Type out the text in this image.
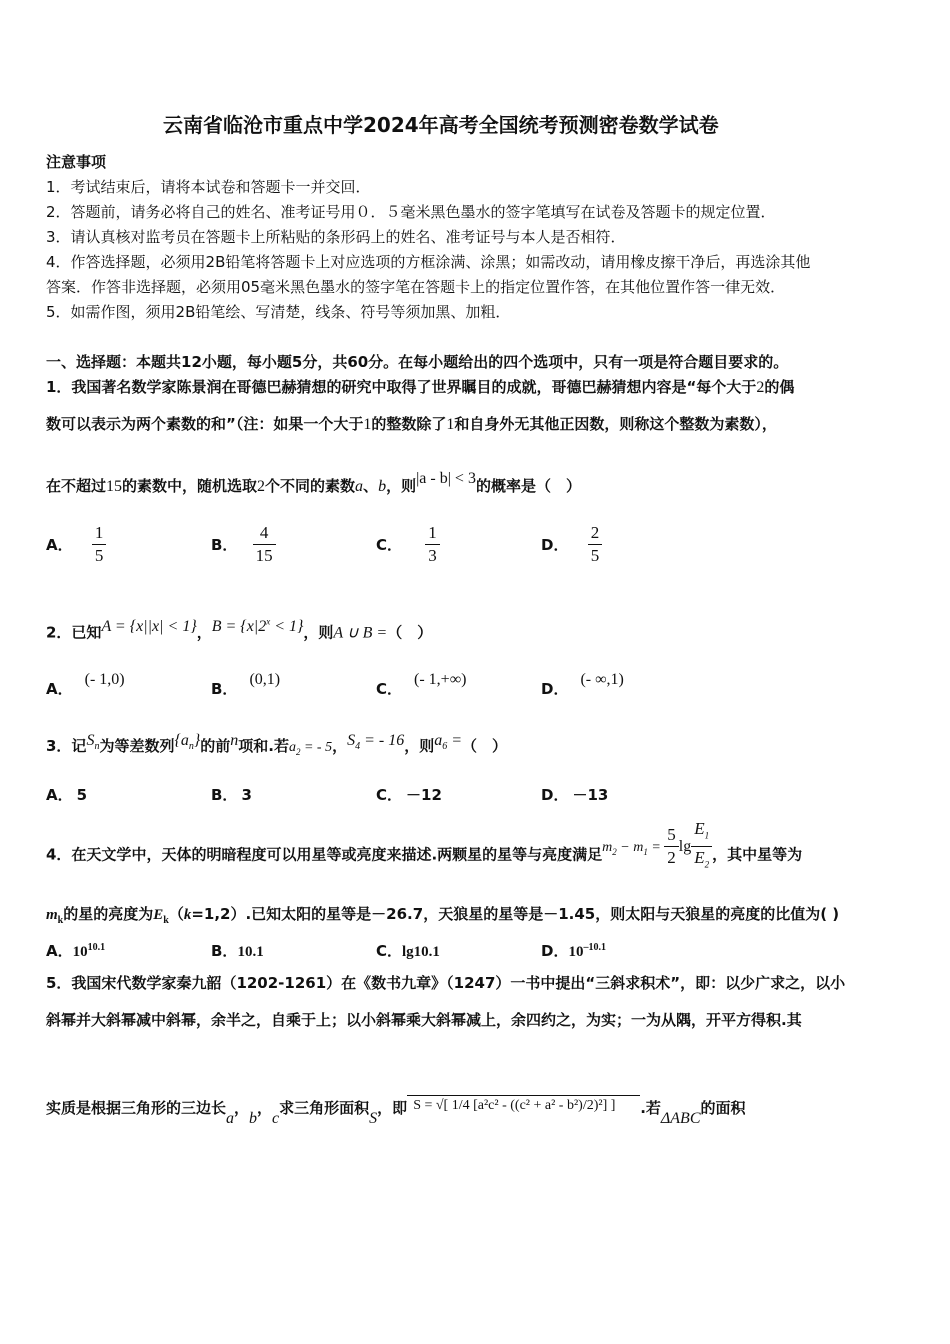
云南省临沧市重点中学2024年高考全国统考预测密卷数学试卷
注意事项
1．考试结束后，请将本试卷和答题卡一并交回．
2．答题前，请务必将自己的姓名、准考证号用０．５毫米黑色墨水的签字笔填写在试卷及答题卡的规定位置．
3．请认真核对监考员在答题卡上所粘贴的条形码上的姓名、准考证号与本人是否相符．
4．作答选择题，必须用2B铅笔将答题卡上对应选项的方框涂满、涂黑；如需改动，请用橡皮擦干净后，再选涂其他
答案．作答非选择题，必须用05毫米黑色墨水的签字笔在答题卡上的指定位置作答，在其他位置作答一律无效．
5．如需作图，须用2B铅笔绘、写清楚，线条、符号等须加黑、加粗．
一、选择题：本题共12小题，每小题5分，共60分。在每小题给出的四个选项中，只有一项是符合题目要求的。
1．我国著名数学家陈景润在哥德巴赫猜想的研究中取得了世界瞩目的成就，哥德巴赫猜想内容是“每个大于2的偶
数可以表示为两个素数的和”（注：如果一个大于1的整数除了1和自身外无其他正因数，则称这个整数为素数），
在不超过15的素数中，随机选取2个不同的素数a、b，则|a - b| < 3的概率是（　）
A． $\frac{1}{5}$	B． $\frac{4}{15}$	C． $\frac{1}{3}$	D． $\frac{2}{5}$
2．已知A = {x||x| < 1}，$B = \{x|2^x < 1\}$，则A ∪ B =（　）
A．(- 1,0)
B．(0,1)
C．(- 1,+∞)
D．(- ∞,1)
3．记$S_n$为等差数列$\{a_n\}$的前n项和.若$a_2$ = - 5，$S_4$ = - 16，则$a_6$ =（　）
A． 5	B． 3	C． －12	D． －13
4．在天文学中，天体的明暗程度可以用星等或亮度来描述.两颗星的星等与亮度满足$m_2 - m_1 = \frac{5}{2}$ $\lg \frac{E_1}{E_2}$ ，其中星等为
$m_k$的星的亮度为$E_k(k=1,2)$.已知太阳的星等是－26.7，天狼星的星等是－1.45，则太阳与天狼星的亮度的比值为( )
A．$10^{10.1}$	B．10.1	C．lg10.1	D．$10^{-10.1}$
5．我国宋代数学家秦九韶（1202-1261）在《数书九章》（1247）一书中提出“三斜求积术”，即：以少广求之，以小
斜幂并大斜幂减中斜幂，余半之，自乘于上；以小斜幂乘大斜幂减上，余四约之，为实；一为从隅，开平方得积.其
实质是根据三角形的三边长a，b，c求三角形面积S，即 S = √[ 1/4 [a²c² - ((c² + a² - b²)/2)²] ] .若ΔABC的面积
